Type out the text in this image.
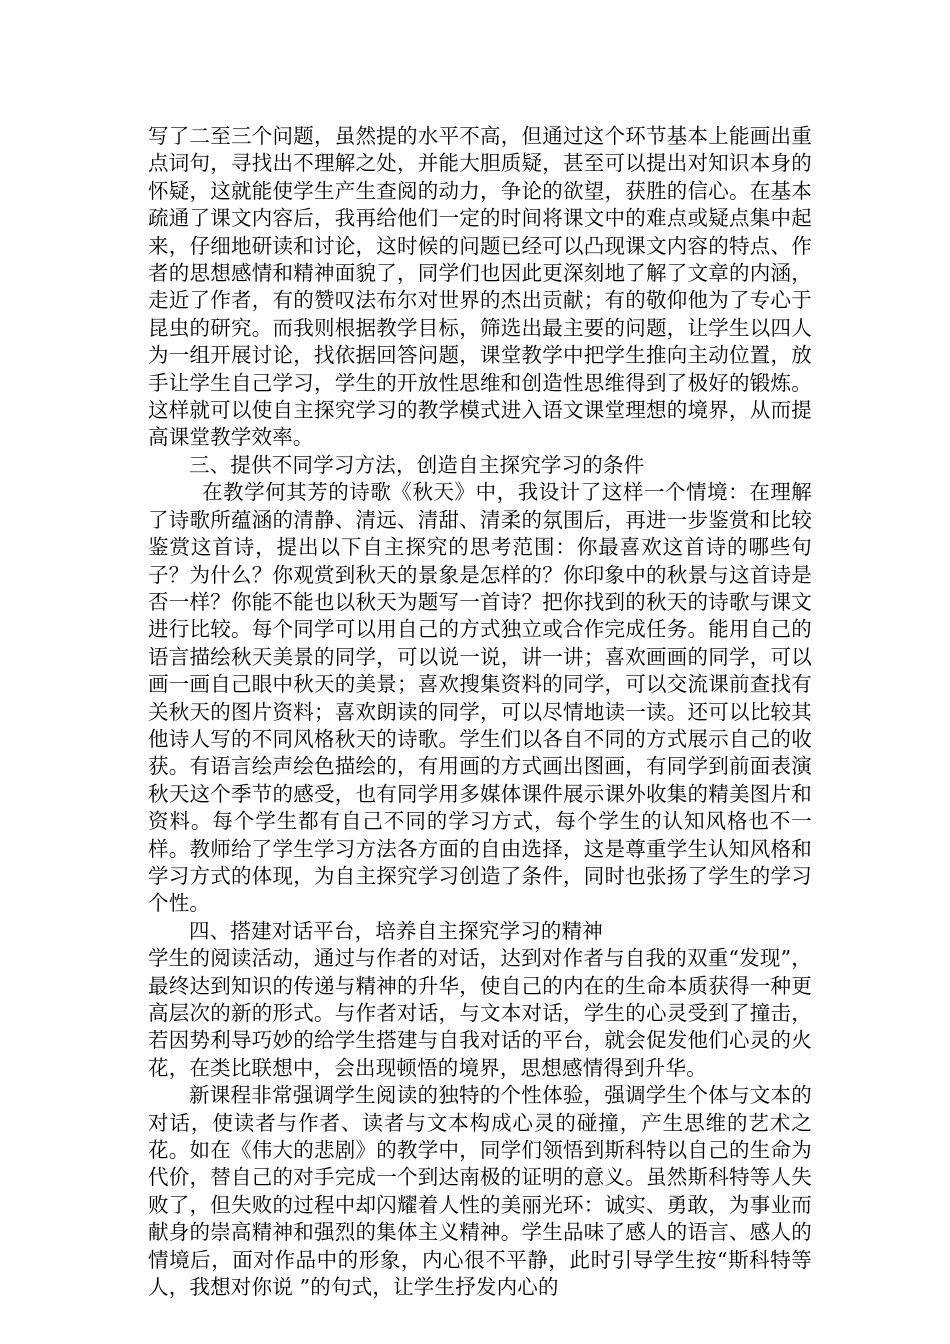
写了二至三个问题，虽然提的水平不高，但通过这个环节基本上能画出重点词句，寻找出不理解之处，并能大胆质疑，甚至可以提出对知识本身的怀疑，这就能使学生产生查阅的动力，争论的欲望，获胜的信心。在基本疏通了课文内容后，我再给他们一定的时间将课文中的难点或疑点集中起来，仔细地研读和讨论，这时候的问题已经可以凸现课文内容的特点、作者的思想感情和精神面貌了，同学们也因此更深刻地了解了文章的内涵，走近了作者，有的赞叹法布尔对世界的杰出贡献；有的敬仰他为了专心于昆虫的研究。而我则根据教学目标，筛选出最主要的问题，让学生以四人为一组开展讨论，找依据回答问题，课堂教学中把学生推向主动位置，放手让学生自己学习，学生的开放性思维和创造性思维得到了极好的锻炼。这样就可以使自主探究学习的教学模式进入语文课堂理想的境界，从而提高课堂教学效率。

三、提供不同学习方法，创造自主探究学习的条件

在教学何其芳的诗歌《秋天》中，我设计了这样一个情境：在理解了诗歌所蕴涵的清静、清远、清甜、清柔的氛围后，再进一步鉴赏和比较鉴赏这首诗，提出以下自主探究的思考范围：你最喜欢这首诗的哪些句子？为什么？你观赏到秋天的景象是怎样的？你印象中的秋景与这首诗是否一样？你能不能也以秋天为题写一首诗？把你找到的秋天的诗歌与课文进行比较。每个同学可以用自己的方式独立或合作完成任务。能用自己的语言描绘秋天美景的同学，可以说一说，讲一讲；喜欢画画的同学，可以画一画自己眼中秋天的美景；喜欢搜集资料的同学，可以交流课前查找有关秋天的图片资料；喜欢朗读的同学，可以尽情地读一读。还可以比较其他诗人写的不同风格秋天的诗歌。学生们以各自不同的方式展示自己的收获。有语言绘声绘色描绘的，有用画的方式画出图画，有同学到前面表演秋天这个季节的感受，也有同学用多媒体课件展示课外收集的精美图片和资料。每个学生都有自己不同的学习方式，每个学生的认知风格也不一样。教师给了学生学习方法各方面的自由选择，这是尊重学生认知风格和学习方式的体现，为自主探究学习创造了条件，同时也张扬了学生的学习个性。

四、搭建对话平台，培养自主探究学习的精神

学生的阅读活动，通过与作者的对话，达到对作者与自我的双重“发现”，最终达到知识的传递与精神的升华，使自己的内在的生命本质获得一种更高层次的新的形式。与作者对话，与文本对话，学生的心灵受到了撞击，若因势利导巧妙的给学生搭建与自我对话的平台，就会促发他们心灵的火花，在类比联想中，会出现顿悟的境界，思想感情得到升华。

新课程非常强调学生阅读的独特的个性体验，强调学生个体与文本的对话，使读者与作者、读者与文本构成心灵的碰撞，产生思维的艺术之花。如在《伟大的悲剧》的教学中，同学们领悟到斯科特以自己的生命为代价，替自己的对手完成一个到达南极的证明的意义。虽然斯科特等人失败了，但失败的过程中却闪耀着人性的美丽光环：诚实、勇敢，为事业而献身的崇高精神和强烈的集体主义精神。学生品味了感人的语言、感人的情境后，面对作品中的形象，内心很不平静，此时引导学生按“斯科特等人，我想对你说 ”的句式，让学生抒发内心的
